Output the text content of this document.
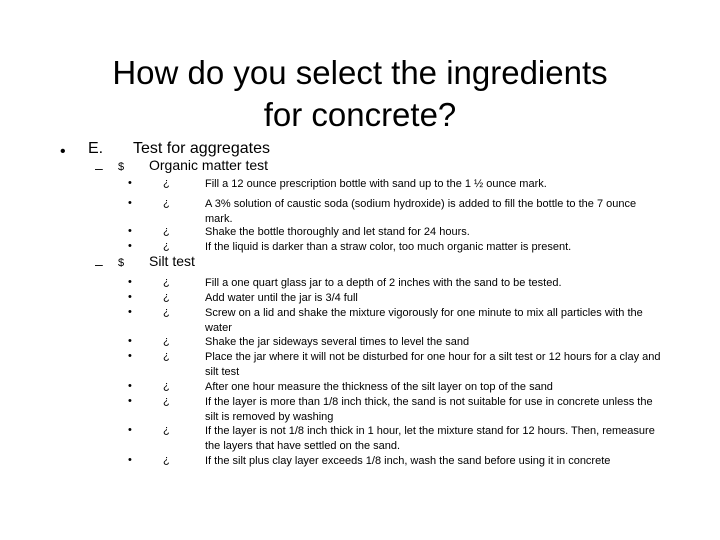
How do you select the ingredients
for concrete?
• E. Test for aggregates
– $ Organic matter test
•	¿	Fill a 12 ounce prescription bottle with sand up to the 1 ½ ounce mark.
•	¿	A 3% solution of caustic soda (sodium hydroxide) is added to fill the bottle to the 7 ounce mark.
•	¿	Shake the bottle thoroughly and let stand for 24 hours.
•	¿	If the liquid is darker than a straw color, too much organic matter is present.
– $ Silt test
•	¿	Fill a one quart glass jar to a depth of 2 inches with the sand to be tested.
•	¿	Add water until the jar is 3/4 full
•	¿	Screw on a lid and shake the mixture vigorously for one minute to mix all particles with the water
•	¿	Shake the jar sideways several times to level the sand
•	¿	Place the jar where it will not be disturbed for one hour for a silt test or 12 hours for a clay and silt test
•	¿	After one hour measure the thickness of the silt layer on top of the sand
•	¿	If the layer is more than 1/8 inch thick, the sand is not suitable for use in concrete unless the silt is removed by washing
•	¿	If the layer is not 1/8 inch thick in 1 hour, let the mixture stand for 12 hours. Then, remeasure the layers that have settled on the sand.
•	¿	If the silt plus clay layer exceeds 1/8 inch, wash the sand before using it in concrete
